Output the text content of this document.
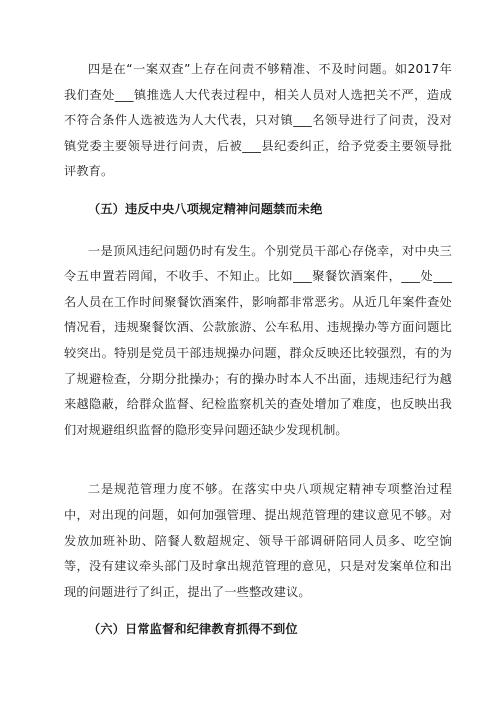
四是在“一案双查”上存在问责不够精准、不及时问题。如2017年我们查处___镇推选人大代表过程中，相关人员对人选把关不严，造成不符合条件人选被选为人大代表，只对镇___名领导进行了问责，没对镇党委主要领导进行问责，后被___县纪委纠正，给予党委主要领导批评教育。

（五）违反中央八项规定精神问题禁而未绝

一是顶风违纪问题仍时有发生。个别党员干部心存侥幸，对中央三令五申置若罔闻，不收手、不知止。比如___聚餐饮酒案件，___处___名人员在工作时间聚餐饮酒案件，影响都非常恶劣。从近几年案件查处情况看，违规聚餐饮酒、公款旅游、公车私用、违规操办等方面问题比较突出。特别是党员干部违规操办问题，群众反映还比较强烈，有的为了规避检查，分期分批操办；有的操办时本人不出面，违规违纪行为越来越隐蔽，给群众监督、纪检监察机关的查处增加了难度，也反映出我们对规避组织监督的隐形变异问题还缺少发现机制。

二是规范管理力度不够。在落实中央八项规定精神专项整治过程中，对出现的问题，如何加强管理、提出规范管理的建议意见不够。对发放加班补助、陪餐人数超规定、领导干部调研陪同人员多、吃空饷等，没有建议牵头部门及时拿出规范管理的意见，只是对发案单位和出现的问题进行了纠正，提出了一些整改建议。

（六）日常监督和纪律教育抓得不到位
